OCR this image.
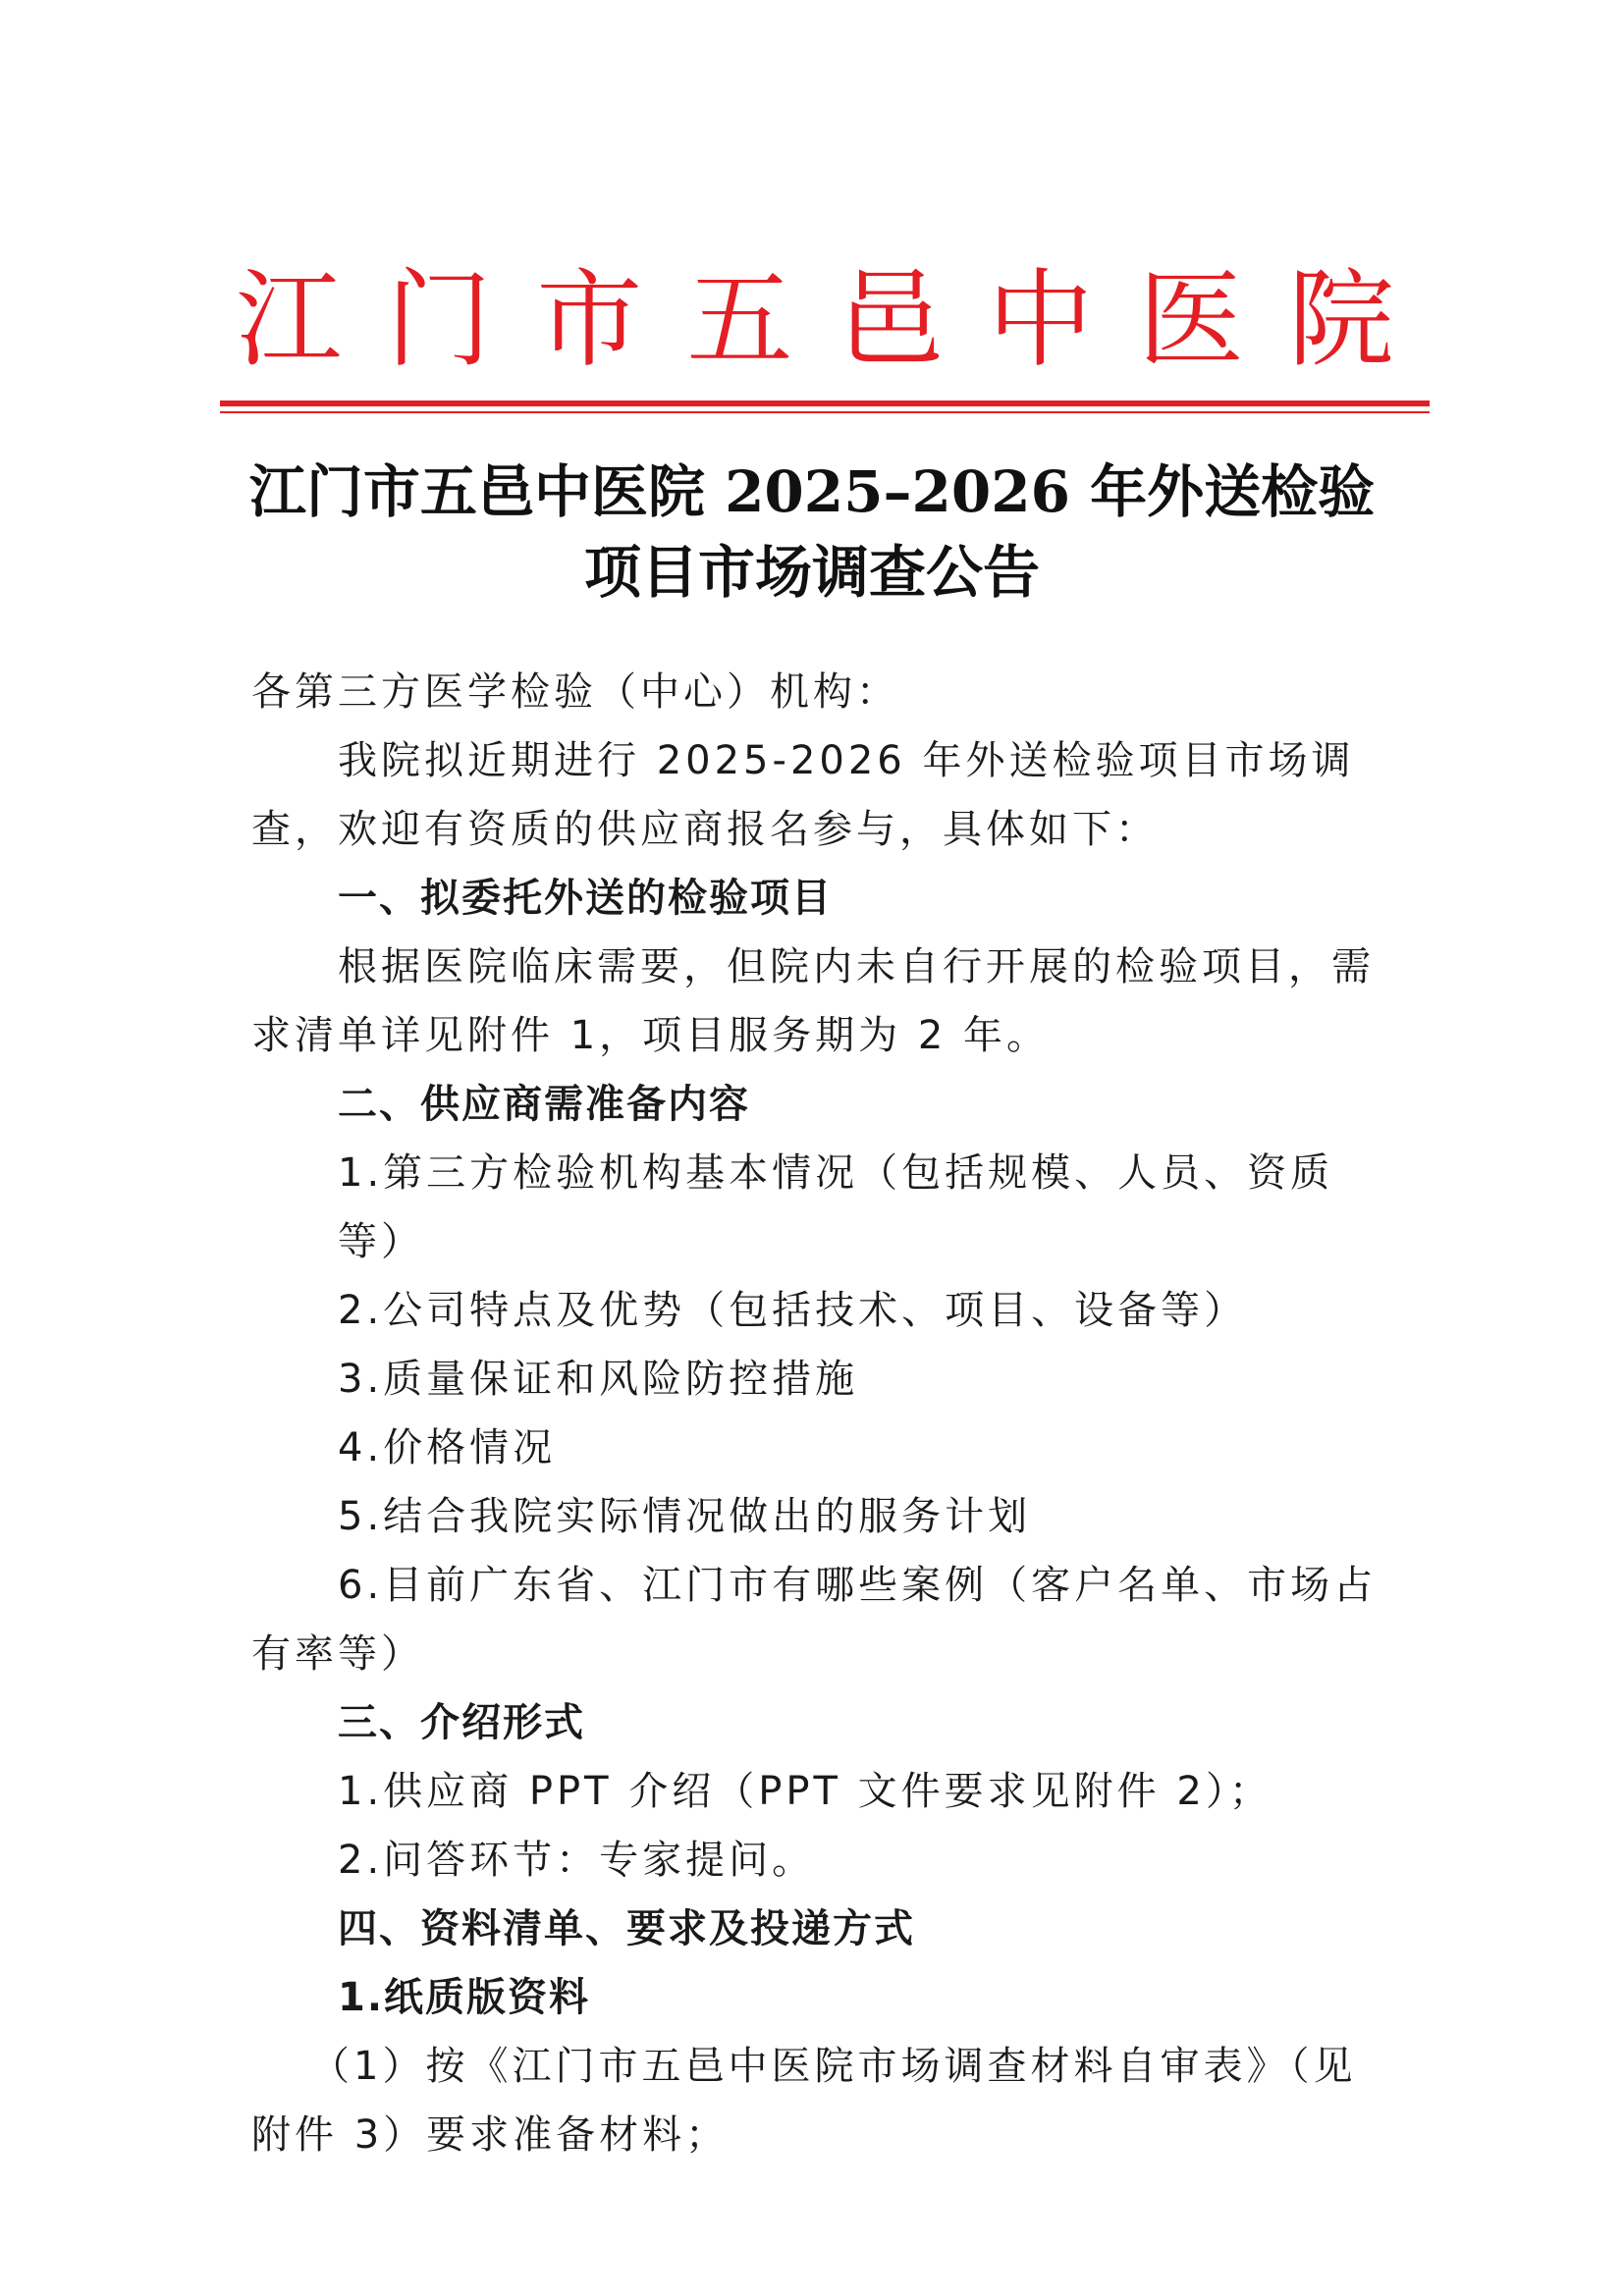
江 门 市 五 邑 中 医 院
江门市五邑中医院 2025–2026 年外送检验
项目市场调查公告

各第三方医学检验（中心）机构：

我院拟近期进行 2025-2026 年外送检验项目市场调查，欢迎有资质的供应商报名参与，具体如下：

一、拟委托外送的检验项目

根据医院临床需要，但院内未自行开展的检验项目，需求清单详见附件 1，项目服务期为 2 年。

二、供应商需准备内容

1.第三方检验机构基本情况（包括规模、人员、资质等）

2.公司特点及优势（包括技术、项目、设备等）

3.质量保证和风险防控措施

4.价格情况

5.结合我院实际情况做出的服务计划

6.目前广东省、江门市有哪些案例（客户名单、市场占有率等）

三、介绍形式

1.供应商 PPT 介绍（PPT 文件要求见附件 2）；

2.问答环节：专家提问。

四、资料清单、要求及投递方式

1.纸质版资料

（1）按《江门市五邑中医院市场调查材料自审表》（见附件 3）要求准备材料；
